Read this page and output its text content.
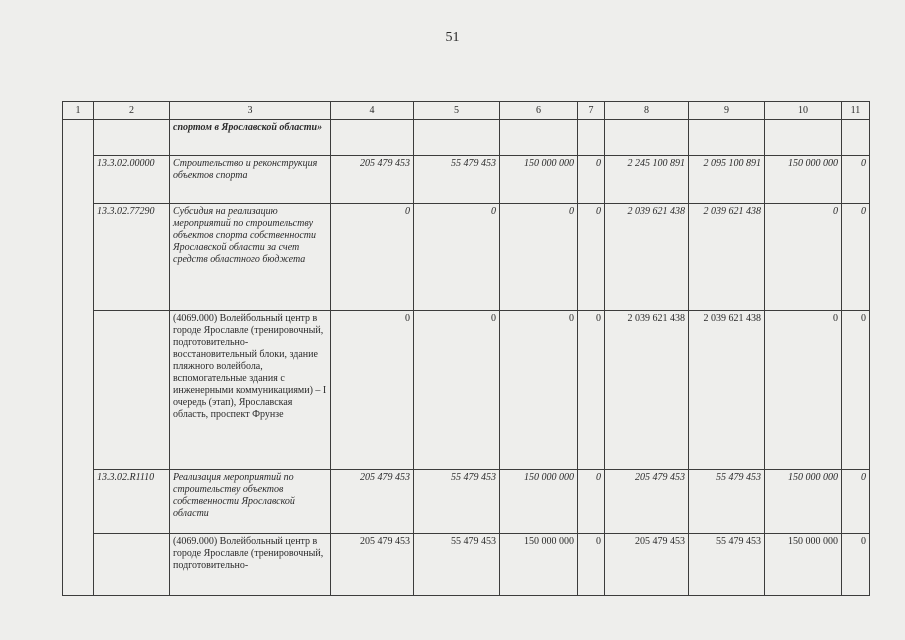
51
1	2	3	4	5	6	7	8	9	10	11
		спортом в Ярославской области»								
	13.3.02.00000	Строительство и реконструкция объектов спорта	205 479 453	55 479 453	150 000 000	0	2 245 100 891	2 095 100 891	150 000 000	0
	13.3.02.77290	Субсидия на реализацию мероприятий по строительству объектов спорта собственности Ярославской области за счет средств областного бюджета	0	0	0	0	2 039 621 438	2 039 621 438	0	0
		(4069.000) Волейбольный центр в городе Ярославле (тренировочный, подготовительно-восстановительный блоки, здание пляжного волейбола, вспомогательные здания с инженерными коммуникациями) – I очередь (этап), Ярославская область, проспект Фрунзе	0	0	0	0	2 039 621 438	2 039 621 438	0	0
	13.3.02.R1110	Реализация мероприятий по строительству объектов собственности Ярославской области	205 479 453	55 479 453	150 000 000	0	205 479 453	55 479 453	150 000 000	0
		(4069.000) Волейбольный центр в городе Ярославле (тренировочный, подготовительно-	205 479 453	55 479 453	150 000 000	0	205 479 453	55 479 453	150 000 000	0
